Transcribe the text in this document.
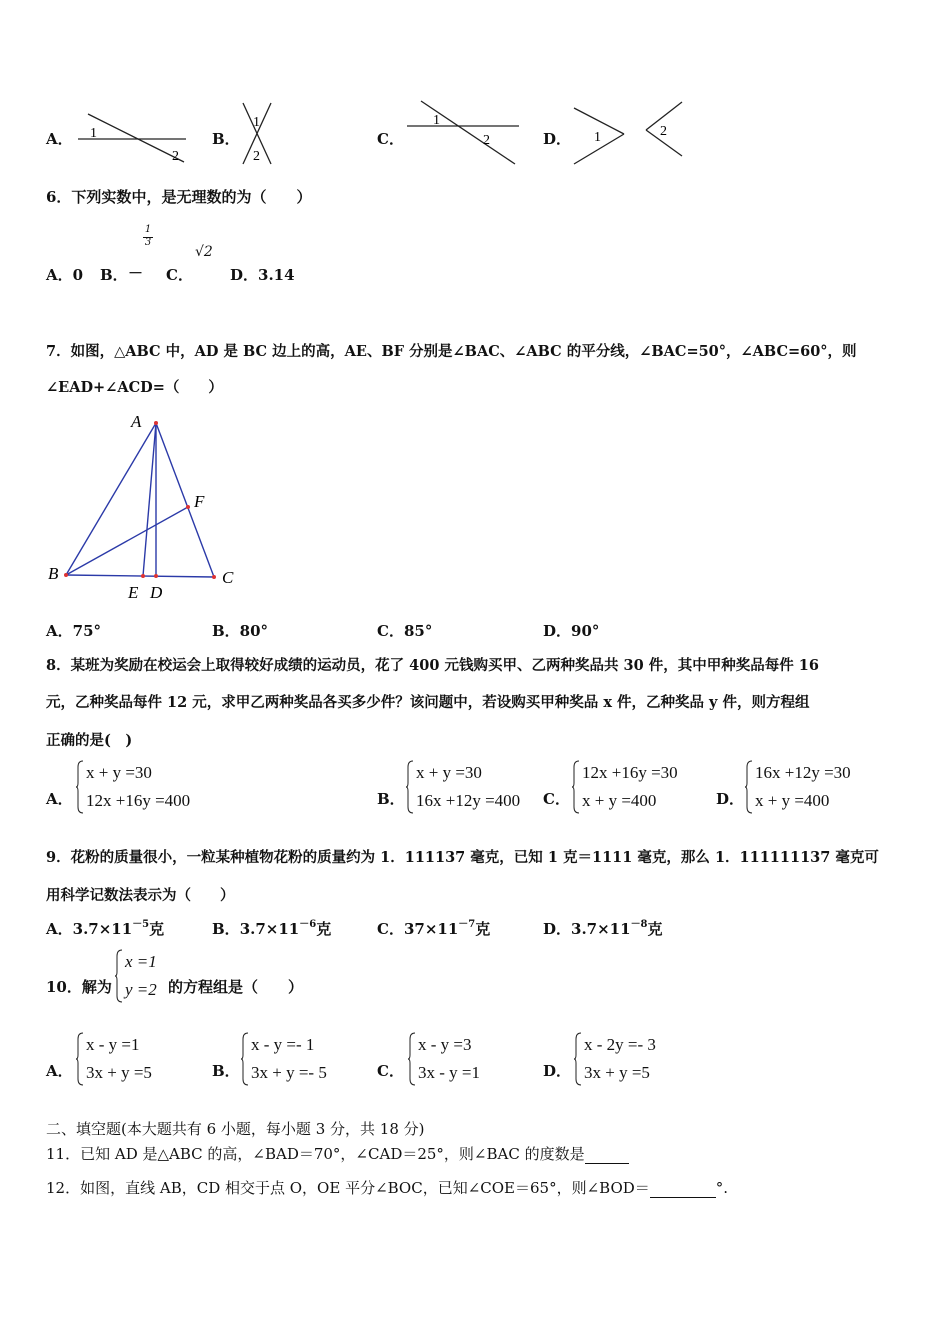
A． 1
2
B．
1
2
C．
1
2	D． 1	2
6．下列实数中，是无理数的为（　　）
A．0 B．
$\frac{1}{3}$
－ C．
√2
D．3.14
7．如图，△ABC 中，AD 是 BC 边上的高，AE、BF 分别是∠BAC、∠ABC 的平分线，∠BAC=50°，∠ABC=60°，则
∠EAD+∠ACD=（　　）
A
B	C
E D
F
A．75°	B．80°	C．85°	D．90°
8．某班为奖励在校运会上取得较好成绩的运动员，花了 400 元钱购买甲、乙两种奖品共 30 件，其中甲种奖品每件 16
元，乙种奖品每件 12 元，求甲乙两种奖品各买多少件？该问题中，若设购买甲种奖品 x 件，乙种奖品 y 件，则方程组
正确的是(　)
A．
x + y =30
12x +16y =400	B．
x + y =30
16x +12y =400 C．
12x +16y =30
x + y =400	D．
16x +12y =30
x + y =400
9．花粉的质量很小，一粒某种植物花粉的质量约为 1．111137 毫克，已知 1 克＝1111 毫克，那么 1．111111137 毫克可
用科学记数法表示为（　　）
A．$3.7\times 11^{-5}$克	B．$3.7\times 11^{-6}$克	C．$37\times 11^{-7}$克	D．$3.7\times 11^{-8}$克
10．解为
x =1
y =2 的方程组是（　　）
A．
x - y =1
3x + y =5	B．
x - y =- 1
3x + y =- 5	C．
x - y =3
3x - y =1	D．
x - 2y =- 3
3x + y =5
二、填空题(本大题共有 6 小题，每小题 3 分，共 18 分)
11．已知 AD 是△ABC 的高，∠BAD＝70°，∠CAD＝25°，则∠BAC 的度数是
12．如图，直线 AB，CD 相交于点 O，OE 平分∠BOC，已知∠COE＝65°，则∠BOD＝	°.
